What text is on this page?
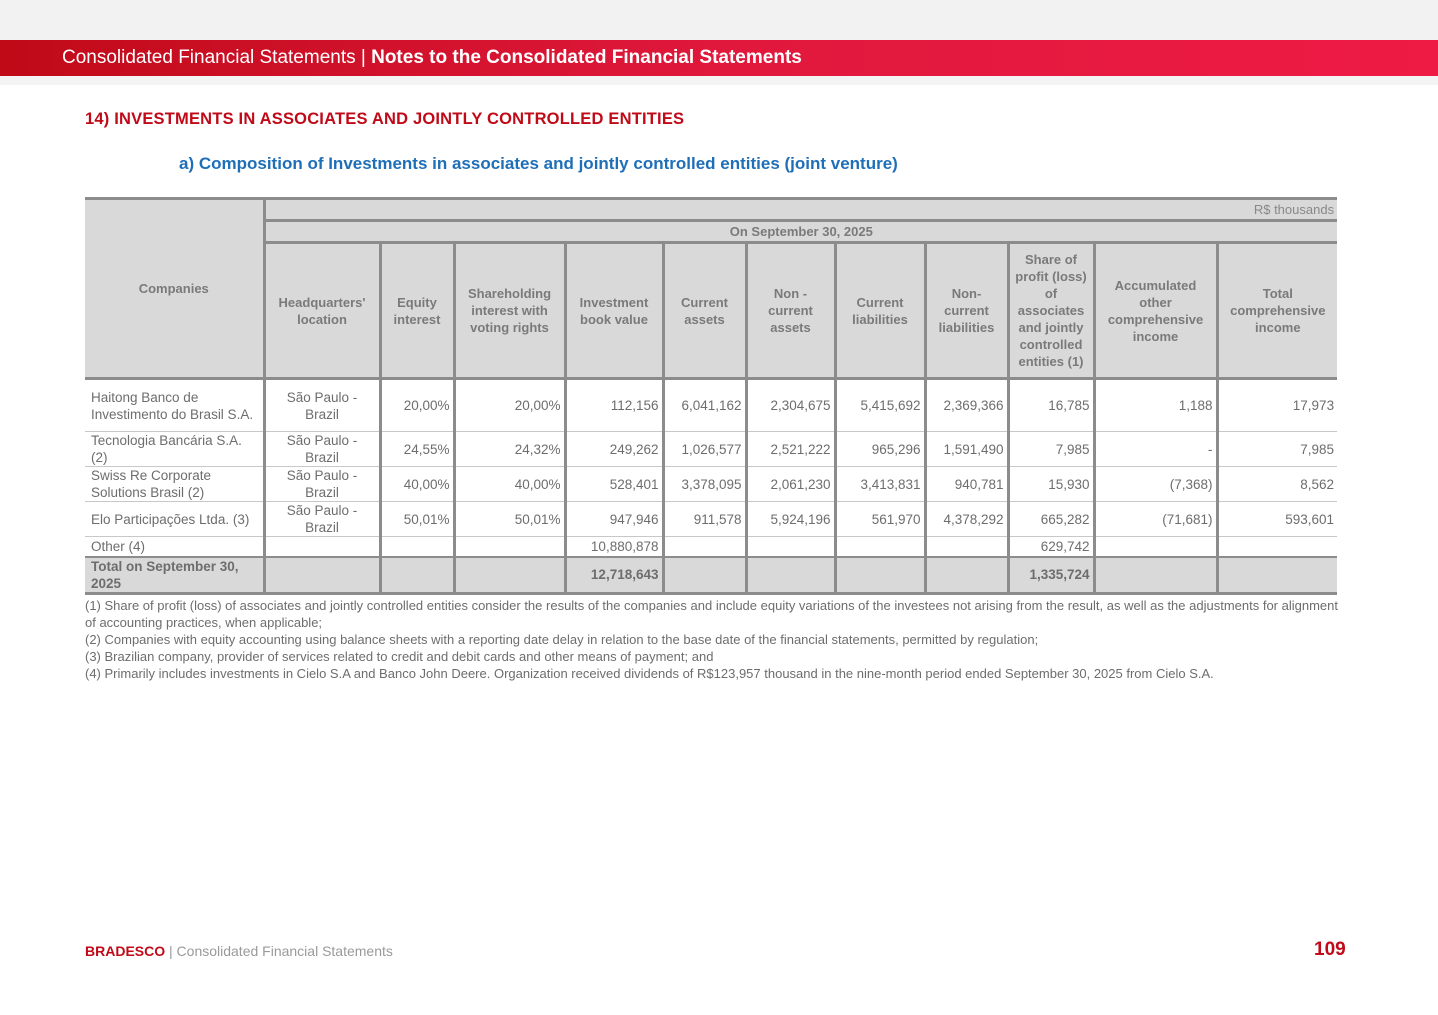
Consolidated Financial Statements | Notes to the Consolidated Financial Statements
14) INVESTMENTS IN ASSOCIATES AND JOINTLY CONTROLLED ENTITIES
a) Composition of Investments in associates and jointly controlled entities (joint venture)
Companies	R$ thousands										
	On September 30, 2025										
	Headquarters' location	Equity interest	Shareholding interest with voting rights	Investment book value	Current assets	Non - current assets	Current liabilities	Non-current liabilities	Share of profit (loss) of associates and jointly controlled entities (1)	Accumulated other comprehensive income	Total comprehensive income
Haitong Banco de Investimento do Brasil S.A.	São Paulo - Brazil	20,00%	20,00%	112,156	6,041,162	2,304,675	5,415,692	2,369,366	16,785	1,188	17,973
Tecnologia Bancária S.A. (2)	São Paulo - Brazil	24,55%	24,32%	249,262	1,026,577	2,521,222	965,296	1,591,490	7,985	-	7,985
Swiss Re Corporate Solutions Brasil (2)	São Paulo - Brazil	40,00%	40,00%	528,401	3,378,095	2,061,230	3,413,831	940,781	15,930	(7,368)	8,562
Elo Participações Ltda. (3)	São Paulo - Brazil	50,01%	50,01%	947,946	911,578	5,924,196	561,970	4,378,292	665,282	(71,681)	593,601
Other (4)				10,880,878					629,742		
Total on September 30, 2025				12,718,643					1,335,724		
(1) Share of profit (loss) of associates and jointly controlled entities consider the results of the companies and include equity variations of the investees not arising from the result, as well as the adjustments for alignment of accounting practices, when applicable;
(2) Companies with equity accounting using balance sheets with a reporting date delay in relation to the base date of the financial statements, permitted by regulation;
(3) Brazilian company, provider of services related to credit and debit cards and other means of payment; and
(4) Primarily includes investments in Cielo S.A and Banco John Deere. Organization received dividends of R$123,957 thousand in the nine-month period ended September 30, 2025 from Cielo S.A.
BRADESCO | Consolidated Financial Statements	109
